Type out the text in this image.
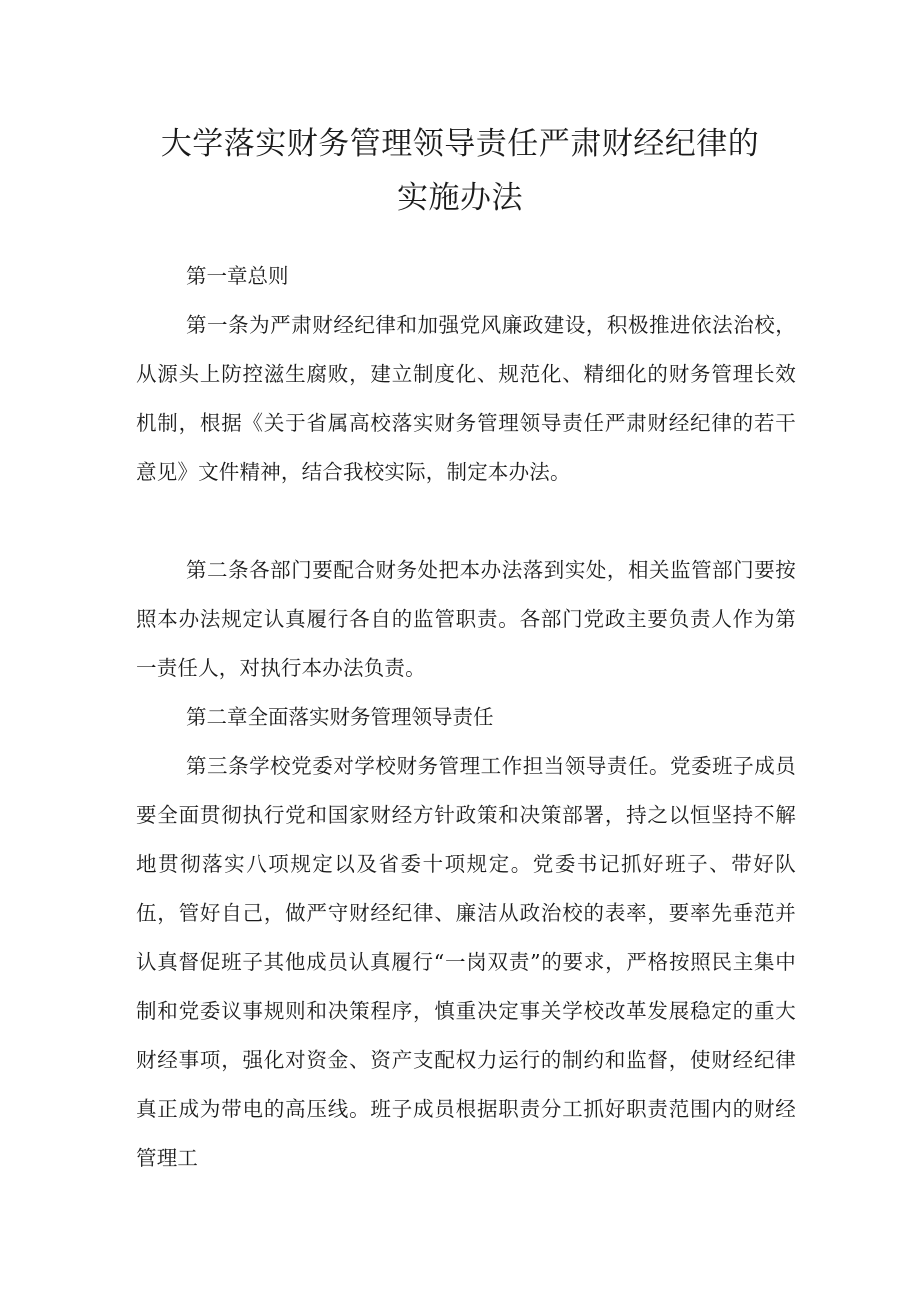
大学落实财务管理领导责任严肃财经纪律的
实施办法
第一章总则
第一条为严肃财经纪律和加强党风廉政建设，积极推进依法治校，从源头上防控滋生腐败，建立制度化、规范化、精细化的财务管理长效机制，根据《关于省属高校落实财务管理领导责任严肃财经纪律的若干意见》文件精神，结合我校实际，制定本办法。
第二条各部门要配合财务处把本办法落到实处，相关监管部门要按照本办法规定认真履行各自的监管职责。各部门党政主要负责人作为第一责任人，对执行本办法负责。
第二章全面落实财务管理领导责任
第三条学校党委对学校财务管理工作担当领导责任。党委班子成员要全面贯彻执行党和国家财经方针政策和决策部署，持之以恒坚持不解地贯彻落实八项规定以及省委十项规定。党委书记抓好班子、带好队伍，管好自己，做严守财经纪律、廉洁从政治校的表率，要率先垂范并认真督促班子其他成员认真履行“一岗双责”的要求，严格按照民主集中制和党委议事规则和决策程序，慎重决定事关学校改革发展稳定的重大财经事项，强化对资金、资产支配权力运行的制约和监督，使财经纪律真正成为带电的高压线。班子成员根据职责分工抓好职责范围内的财经管理工
